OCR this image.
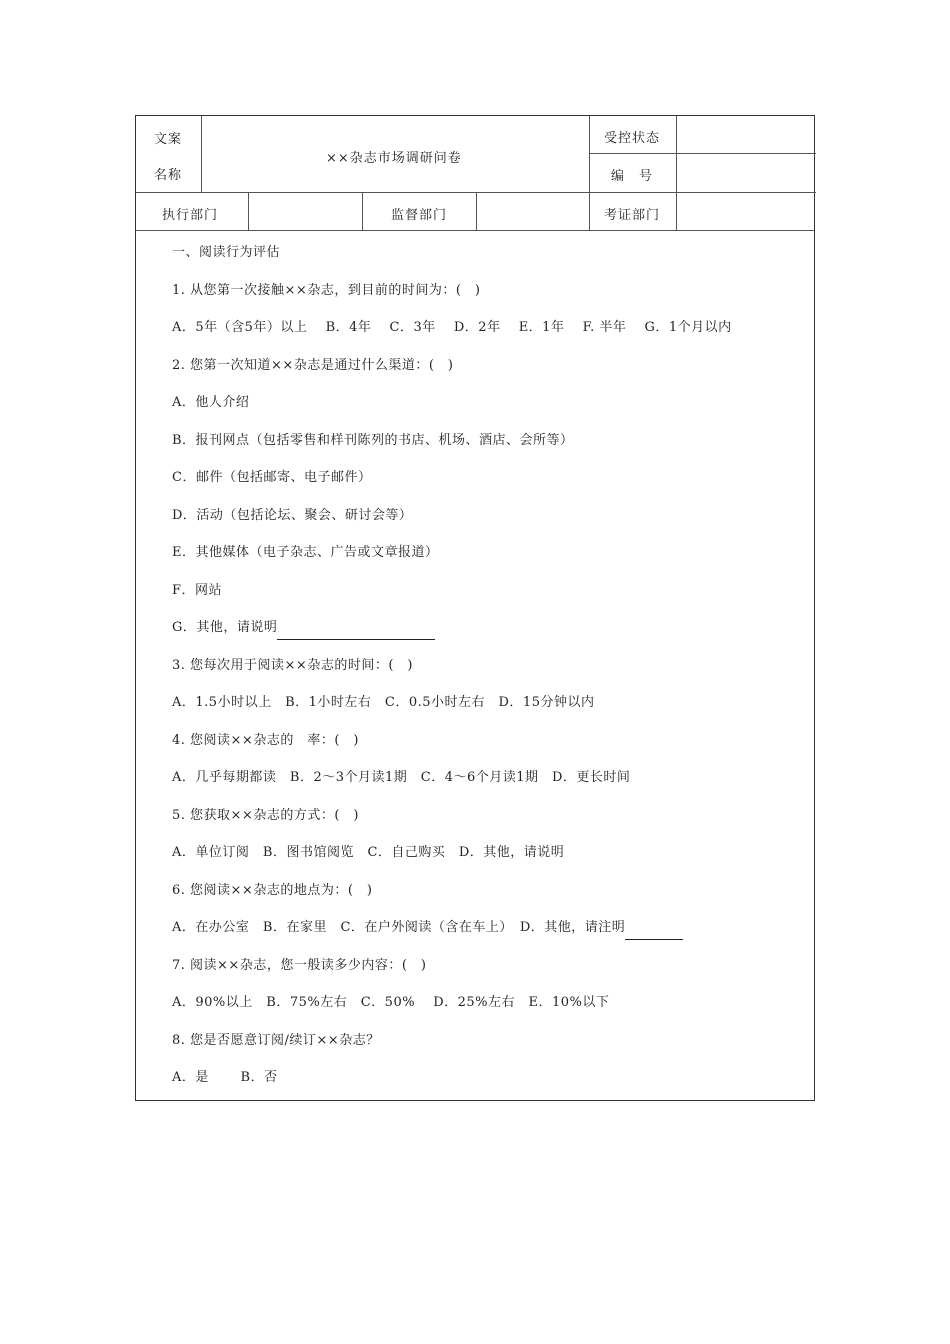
文案
名称
××杂志市场调研问卷
受控状态
编　号
执行部门	监督部门	考证部门
一、阅读行为评估
1. 从您第一次接触××杂志，到目前的时间为：(　)
A．5年（含5年）以上　 B．4年　 C．3年　 D．2年　 E．1年　 F. 半年　 G．1个月以内
2. 您第一次知道××杂志是通过什么渠道：(　)
A．他人介绍
B．报刊网点（包括零售和样刊陈列的书店、机场、酒店、会所等）
C．邮件（包括邮寄、电子邮件）
D．活动（包括论坛、聚会、研讨会等）
E．其他媒体（电子杂志、广告或文章报道）
F．网站
G．其他，请说明
3. 您每次用于阅读××杂志的时间：(　)
A．1.5小时以上　B．1小时左右　C．0.5小时左右　D．15分钟以内
4. 您阅读××杂志的　率：(　)
A．几乎每期都读　B．2～3个月读1期　C．4～6个月读1期　D．更长时间
5. 您获取××杂志的方式：(　)
A．单位订阅　B．图书馆阅览　C．自己购买　D．其他，请说明
6. 您阅读××杂志的地点为：(　)
A．在办公室　B．在家里　C．在户外阅读（含在车上）　D．其他，请注明
7. 阅读××杂志，您一般读多少内容：(　)
A．90%以上　B．75%左右　C．50%　 D．25%左右　E．10%以下
8. 您是否愿意订阅/续订××杂志？
A．是　　 B．否
